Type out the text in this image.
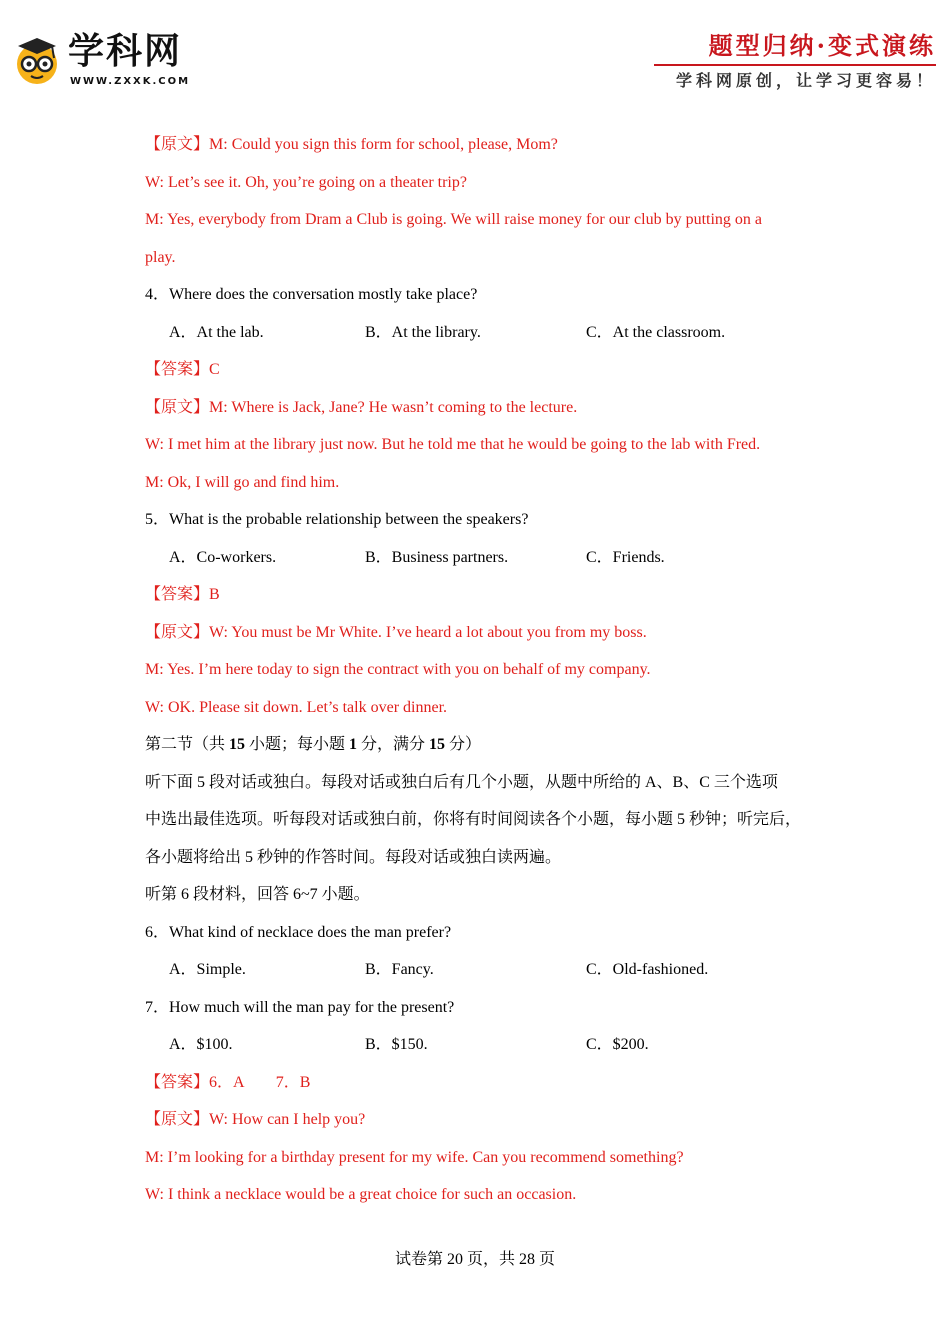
学科网
WWW.ZXXK.COM
题型归纳·变式演练
学科网原创，让学习更容易！
【原文】M: Could you sign this form for school, please, Mom?
W: Let’s see it. Oh, you’re going on a theater trip?
M: Yes, everybody from Dram a Club is going. We will raise money for our club by putting on a
play.
4．Where does the conversation mostly take place?
A．At the lab.	B．At the library.	C．At the classroom.
【答案】C
【原文】M: Where is Jack, Jane? He wasn’t coming to the lecture.
W: I met him at the library just now. But he told me that he would be going to the lab with Fred.
M: Ok, I will go and find him.
5．What is the probable relationship between the speakers?
A．Co-workers.	B．Business partners.	C．Friends.
【答案】B
【原文】W: You must be Mr White. I’ve heard a lot about you from my boss.
M: Yes. I’m here today to sign the contract with you on behalf of my company.
W: OK. Please sit down. Let’s talk over dinner.
第二节（共 15 小题；每小题 1 分，满分 15 分）
听下面 5 段对话或独白。每段对话或独白后有几个小题，从题中所给的 A、B、C 三个选项
中选出最佳选项。听每段对话或独白前，你将有时间阅读各个小题，每小题 5 秒钟；听完后，
各小题将给出 5 秒钟的作答时间。每段对话或独白读两遍。
听第 6 段材料，回答 6~7 小题。
6．What kind of necklace does the man prefer?
A．Simple.	B．Fancy.	C．Old-fashioned.
7．How much will the man pay for the present?
A．$100.	B．$150.	C．$200.
【答案】6．A        7．B
【原文】W: How can I help you?
M: I’m looking for a birthday present for my wife. Can you recommend something?
W: I think a necklace would be a great choice for such an occasion.
试卷第 20 页，共 28 页
